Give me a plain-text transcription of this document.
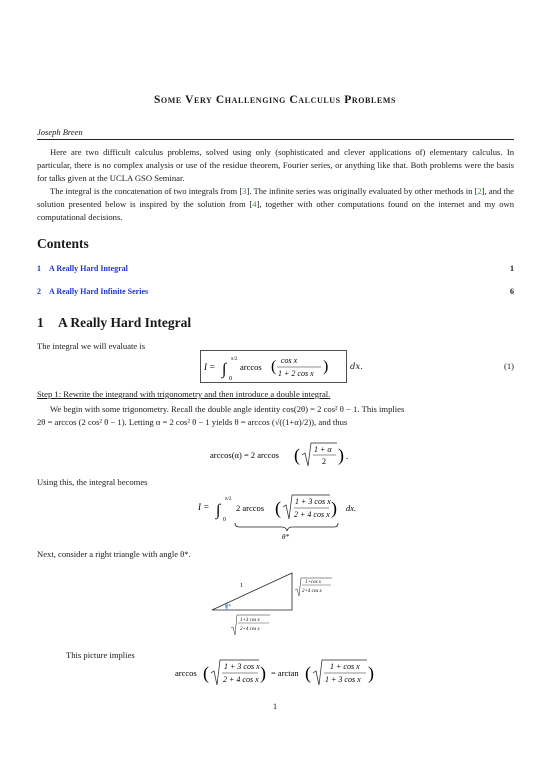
Some Very Challenging Calculus Problems
Joseph Breen

Here are two difficult calculus problems, solved using only (sophisticated and clever applications of) elementary calculus. In particular, there is no complex analysis or use of the residue theorem, Fourier series, or anything like that. Both problems were the basis for talks given at the UCLA GSO Seminar.

The integral is the concatenation of two integrals from [3]. The infinite series was originally evaluated by other methods in [2], and the solution presented below is inspired by the solution from [4], together with other computations found on the internet and my own computational decisions.

Contents
1 A Really Hard Integral	1
2 A Really Hard Infinite Series	6
1 A Really Hard Integral
The integral we will evaluate is
I = ∫
π/2
0
arccos ( cos x
1 + 2 cos x )	dx.	(1)
Step 1: Rewrite the integrand with trigonometry and then introduce a double integral.

We begin with some trigonometry. Recall the double angle identity cos(2θ) = 2 cos² θ − 1. This implies

2θ = arccos (2 cos² θ − 1). Letting α = 2 cos² θ − 1 yields θ = arccos (√((1+α)/2)), and thus
arccos(α) = 2 arccos ( 1 + α
2 ) .
Using this, the integral becomes
I = ∫
π/2
0
2 arccos ( 1 + 3 cos x
2 + 4 cos x ) dx.
θ*
Next, consider a right triangle with angle θ*.
θ*
1
1+cos x
2+4 cos x
1+3 cos x
2+4 cos x
This picture implies
arccos ( 1 + 3 cos x
2 + 4 cos x ) = arctan ( 1 + cos x
1 + 3 cos x )
1
